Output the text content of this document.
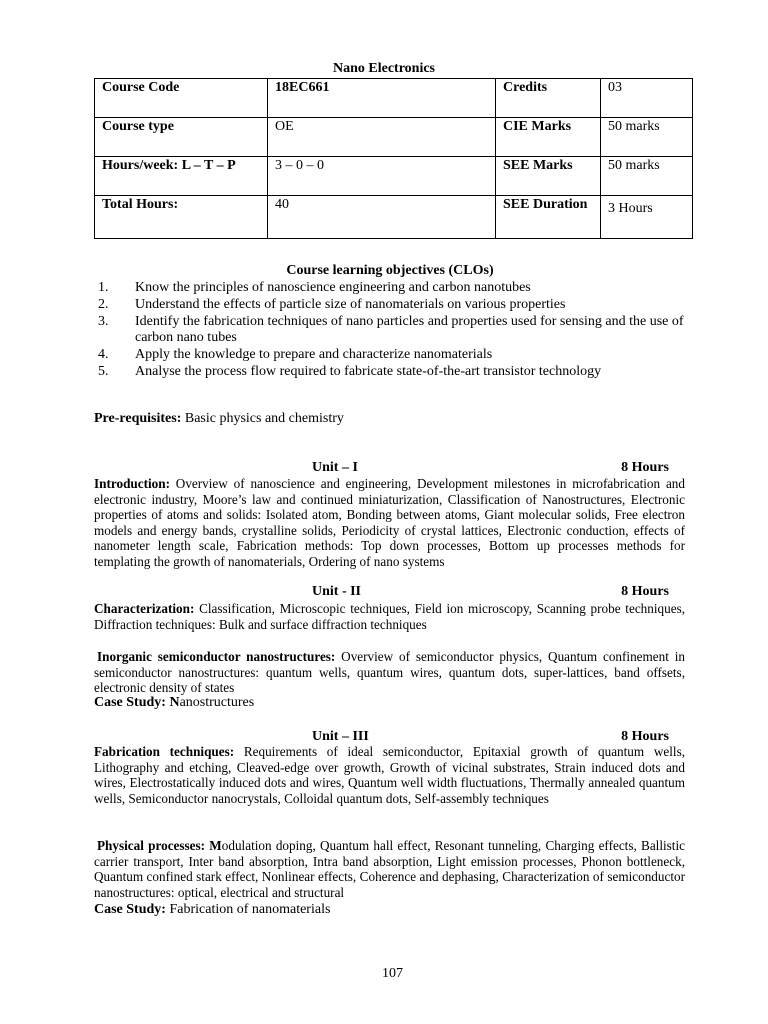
Nano Electronics
Course Code	18EC661	Credits	03
Course type	OE	CIE Marks	50 marks
Hours/week: L – T – P	3 – 0 – 0	SEE Marks	50 marks
Total Hours:	40	SEE Duration	3 Hours
Course learning objectives (CLOs)
1.	Know the principles of nanoscience engineering and carbon nanotubes
2.	Understand the effects of particle size of nanomaterials on various properties
3.	Identify the fabrication techniques of nano particles and properties used for sensing and the use of carbon nano tubes
4.	Apply the knowledge to prepare and characterize nanomaterials
5.	Analyse the process flow required to fabricate state-of-the-art transistor technology
Pre-requisites: Basic physics and chemistry
Unit – I	8 Hours
Introduction: Overview of nanoscience and engineering, Development milestones in microfabrication and electronic industry, Moore’s law and continued miniaturization, Classification of Nanostructures, Electronic properties of atoms and solids: Isolated atom, Bonding between atoms, Giant molecular solids, Free electron models and energy bands, crystalline solids, Periodicity of crystal lattices, Electronic conduction, effects of nanometer length scale, Fabrication methods: Top down processes, Bottom up processes methods for templating the growth of nanomaterials, Ordering of nano systems
Unit - II	8 Hours
Characterization: Classification, Microscopic techniques, Field ion microscopy, Scanning probe techniques, Diffraction techniques: Bulk and surface diffraction techniques
Inorganic semiconductor nanostructures: Overview of semiconductor physics, Quantum confinement in semiconductor nanostructures: quantum wells, quantum wires, quantum dots, super-lattices, band offsets, electronic density of states
Case Study: Nanostructures
Unit – III	8 Hours
Fabrication techniques: Requirements of ideal semiconductor, Epitaxial growth of quantum wells, Lithography and etching, Cleaved-edge over growth, Growth of vicinal substrates, Strain induced dots and wires, Electrostatically induced dots and wires, Quantum well width fluctuations, Thermally annealed quantum wells, Semiconductor nanocrystals, Colloidal quantum dots, Self-assembly techniques
Physical processes: Modulation doping, Quantum hall effect, Resonant tunneling, Charging effects, Ballistic carrier transport, Inter band absorption, Intra band absorption, Light emission processes, Phonon bottleneck, Quantum confined stark effect, Nonlinear effects, Coherence and dephasing, Characterization of semiconductor nanostructures: optical, electrical and structural
Case Study: Fabrication of nanomaterials
107
